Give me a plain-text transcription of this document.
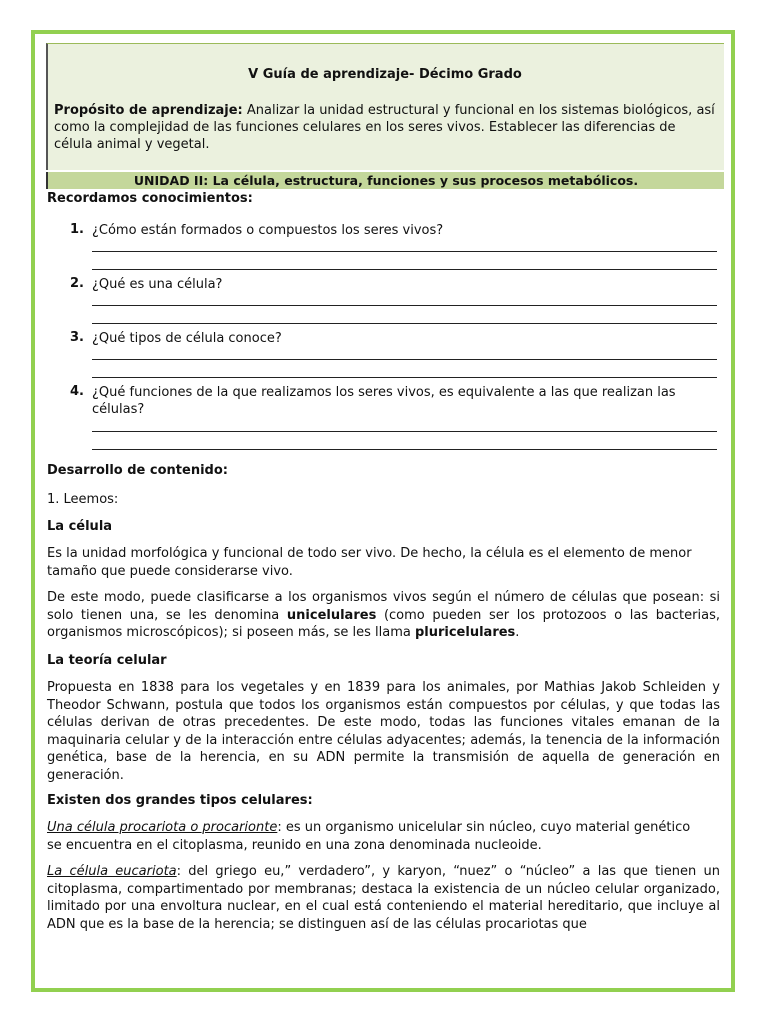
V Guía de aprendizaje- Décimo Grado

Propósito de aprendizaje: Analizar la unidad estructural y funcional en los sistemas biológicos, así como la complejidad de las funciones celulares en los seres vivos. Establecer las diferencias de célula animal y vegetal.

UNIDAD II: La célula, estructura, funciones y sus procesos metabólicos.
Recordamos conocimientos:
1. ¿Cómo están formados o compuestos los seres vivos?
2. ¿Qué es una célula?
3. ¿Qué tipos de célula conoce?
4. ¿Qué funciones de la que realizamos los seres vivos, es equivalente a las que realizan las células?
Desarrollo de contenido:
1. Leemos:
La célula

Es la unidad morfológica y funcional de todo ser vivo. De hecho, la célula es el elemento de menor tamaño que puede considerarse vivo.

De este modo, puede clasificarse a los organismos vivos según el número de células que posean: si solo tienen una, se les denomina unicelulares (como pueden ser los protozoos o las bacterias, organismos microscópicos); si poseen más, se les llama pluricelulares.

La teoría celular

Propuesta en 1838 para los vegetales y en 1839 para los animales, por Mathias Jakob Schleiden y Theodor Schwann, postula que todos los organismos están compuestos por células, y que todas las células derivan de otras precedentes. De este modo, todas las funciones vitales emanan de la maquinaria celular y de la interacción entre células adyacentes; además, la tenencia de la información genética, base de la herencia, en su ADN permite la transmisión de aquella de generación en generación.

Existen dos grandes tipos celulares:

Una célula procariota o procarionte: es un organismo unicelular sin núcleo, cuyo material genético se encuentra en el citoplasma, reunido en una zona denominada nucleoide.

La célula eucariota: del griego eu,” verdadero”, y karyon, “nuez” o “núcleo” a las que tienen un citoplasma, compartimentado por membranas; destaca la existencia de un núcleo celular organizado, limitado por una envoltura nuclear, en el cual está conteniendo el material hereditario, que incluye al ADN que es la base de la herencia; se distinguen así de las células procariotas que
